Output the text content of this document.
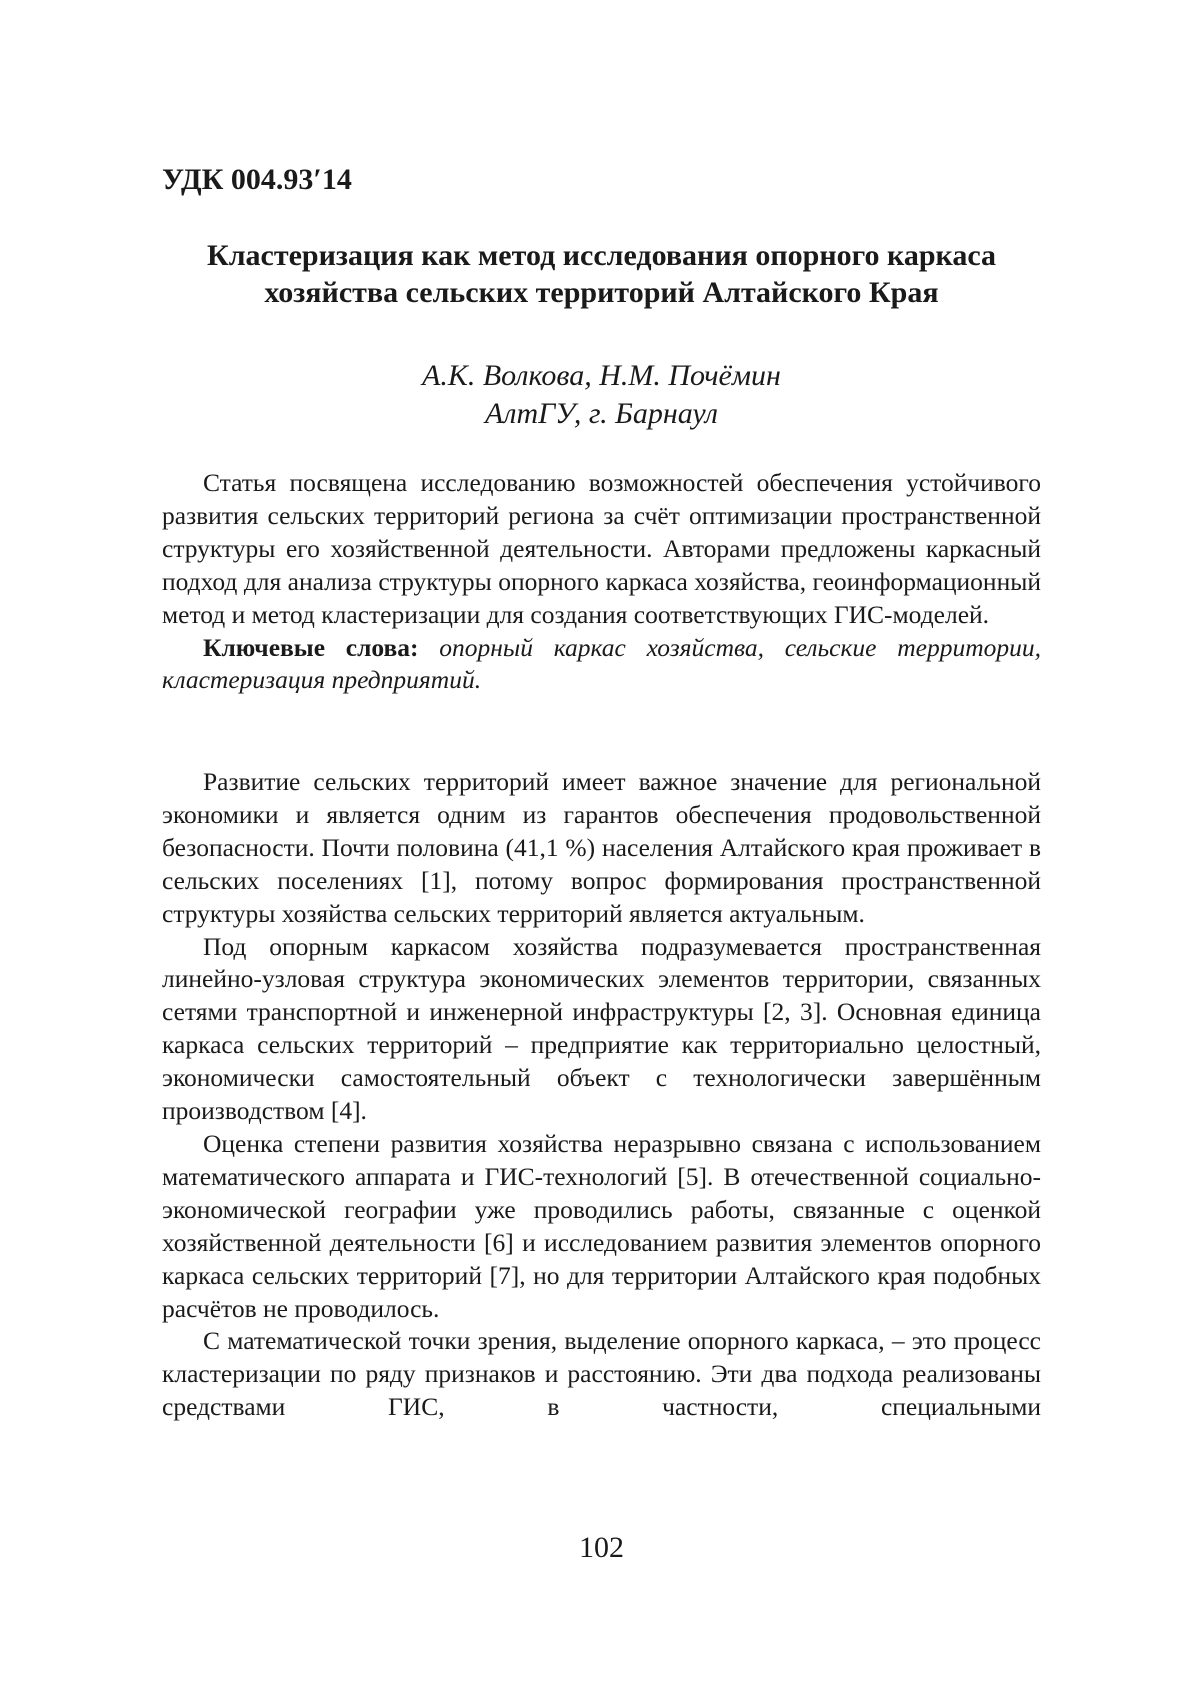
УДК 004.93′14
Кластеризация как метод исследования опорного каркаса хозяйства сельских территорий Алтайского Края
А.К. Волкова, Н.М. Почёмин
АлтГУ, г. Барнаул

Статья посвящена исследованию возможностей обеспечения устойчивого развития сельских территорий региона за счёт оптимизации пространственной структуры его хозяйственной деятельности. Авторами предложены каркасный подход для анализа структуры опорного каркаса хозяйства, геоинформационный метод и метод кластеризации для создания соответствующих ГИС-моделей.

Ключевые слова: опорный каркас хозяйства, сельские территории, кластеризация предприятий.

Развитие сельских территорий имеет важное значение для региональной экономики и является одним из гарантов обеспечения продовольственной безопасности. Почти половина (41,1 %) населения Алтайского края проживает в сельских поселениях [1], потому вопрос формирования пространственной структуры хозяйства сельских территорий является актуальным.

Под опорным каркасом хозяйства подразумевается пространственная линейно-узловая структура экономических элементов территории, связанных сетями транспортной и инженерной инфраструктуры [2, 3]. Основная единица каркаса сельских территорий – предприятие как территориально целостный, экономически самостоятельный объект с технологически завершённым производством [4].

Оценка степени развития хозяйства неразрывно связана с использованием математического аппарата и ГИС-технологий [5]. В отечественной социально-экономической географии уже проводились работы, связанные с оценкой хозяйственной деятельности [6] и исследованием развития элементов опорного каркаса сельских территорий [7], но для территории Алтайского края подобных расчётов не проводилось.

С математической точки зрения, выделение опорного каркаса, – это процесс кластеризации по ряду признаков и расстоянию. Эти два подхода реализованы средствами ГИС, в частности, специальными

102
